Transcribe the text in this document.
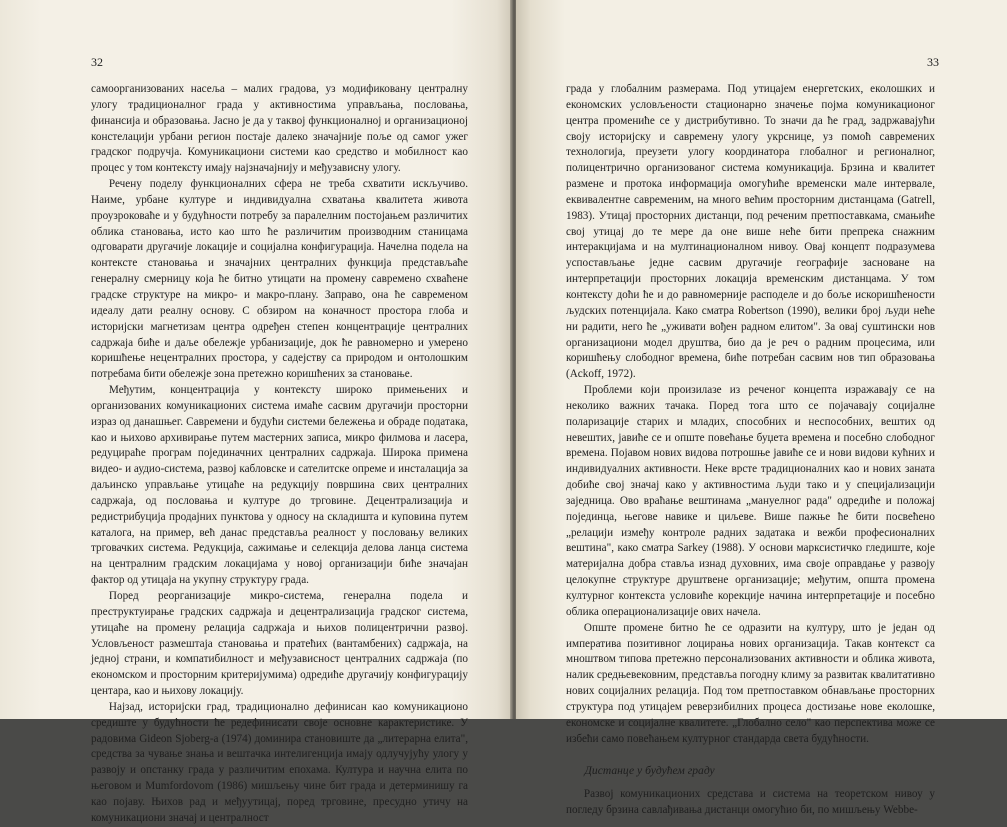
32

самоорганизованих насеља – малих градова, уз модификовану централну улогу традиционалног града у активностима управљања, пословања, финансија и образовања. Јасно је да у таквој функционалној и организационој констелацији урбани регион постаје далеко значајније поље од самог ужег градског подручја. Комуникациони системи као средство и мобилност као процес у том контексту имају најзначајнију и међузависну улогу.

Речену поделу функционалних сфера не треба схватити искључиво. Наиме, урбане културе и индивидуална схватања квалитета живота проузроковаће и у будућности потребу за паралелним постојањем различитих облика становања, исто као што ће различитим производним станицама одговарати другачије локације и социјална конфигурација. Начелна подела на контексте становања и значајних централних функција представљаће генералну смерницу која ће битно утицати на промену савремено схваћене градске структуре на микро- и макро-плану. Заправо, она ће савременом идеалу дати реалну основу. С обзиром на коначност простора глоба и историјски магнетизам центра одређен степен концентрације централних садржаја биће и даље обележје урбанизације, док ће равномерно и умерено коришћење нецентралних простора, у садејству са природом и онтолошким потребама бити обележје зона претежно коришћених за становање.

Међутим, концентрација у контексту широко примењених и организованих комуникационих система имаће сасвим другачији просторни израз од данашњег. Савремени и будући системи бележења и обраде података, као и њихово архивирање путем мастерних записа, микро филмова и ласера, редуцираће програм појединачних централних садржаја. Широка примена видео- и аудио-система, развој кабловске и сателитске опреме и инсталација за даљинско управљање утицаће на редукцију површина свих централних садржаја, од пословања и културе до трговине. Децентрализација и редистрибуција продајних пунктова у односу на складишта и куповина путем каталога, на пример, већ данас представља реалност у пословању великих трговачких система. Редукција, сажимање и селекција делова ланца система на централним градским локацијама у новој организацији биће значајан фактор од утицаја на укупну структуру града.

Поред реорганизације микро-система, генерална подела и преструктуирање градских садржаја и децентрализација градског система, утицаће на промену релација садржаја и њихов полицентрични развој. Условљеност размештаја становања и пратећих (вантамбених) садржаја, на једној страни, и компатибилност и међузависност централних садржаја (по економском и просторним критеријумима) одредиће другачију конфигурацију центара, као и њихову локацију.

Најзад, историјски град, традиционално дефинисан као комуникационо средиште у будућности ће редефинисати своје основне карактеристике. У радовима Gideon Sjoberg-а (1974) доминира становиште да „литерарна елита", средства за чување знања и вештачка интелигенција имају одлучујућу улогу у развоју и опстанку града у различитим епохама. Култура и научна елита по његовом и Mumfordovom (1986) мишљењу чине бит града и детерминишу га као појаву. Њихов рад и међуутицај, поред трговине, пресудно утичу на комуникациони значај и централност

33

града у глобалним размерама. Под утицајем енергетских, еколошких и економских условљености стационарно значење појма комуникационог центра промениће се у дистрибутивно. То значи да ће град, задржавајући своју историјску и савремену улогу укрснице, уз помоћ савремених технологија, преузети улогу координатора глобалног и регионалног, полицентрично организованог система комуникација. Брзина и квалитет размене и протока информација омогућиће временски мале интервале, еквивалентне савременим, на много већим просторним дистанцама (Gatrell, 1983). Утицај просторних дистанци, под реченим претпоставкама, смањиће свој утицај до те мере да оне више неће бити препрека снажним интеракцијама и на мултинационалном нивоу. Овај концепт подразумева успостављање једне сасвим другачије географије засноване на интерпретацији просторних локација временским дистанцама. У том контексту доћи ће и до равномерније расподеле и до боље искоришћености људских потенцијала. Како сматра Robertson (1990), велики број људи неће ни радити, него ће „уживати вођен радном елитом". За овај суштински нов организациони модел друштва, био да је реч о радним процесима, или коришћењу слободног времена, биће потребан сасвим нов тип образовања (Ackoff, 1972).

Проблеми који произилазе из реченог концепта изражавају се на неколико важних тачака. Поред тога што се појачавају социјалне поларизације старих и младих, способних и неспособних, вештих од невештих, јавиће се и опште повећање буџета времена и посебно слободног времена. Појавом нових видова потрошње јавиће се и нови видови кућних и индивидуалних активности. Неке врсте традиционалних као и нових заната добиће свој значај како у активностима људи тако и у специјализацији заједница. Ово враћање вештинама „мануелног рада" одредиће и положај појединца, његове навике и циљеве. Више пажње ће бити посвећено „релацији између контроле радних задатака и вежби професионалних вештина", како сматра Sarkey (1988). У основи марксистичко гледиште, које материјална добра ставља изнад духовних, има своје оправдање у развоју целокупне структуре друштвене организације; међутим, општа промена културног контекста условиће корекције начина интерпретације и посебно облика операционализације ових начела.

Опште промене битно ће се одразити на културу, што је један од императива позитивног лоцирања нових организација. Такав контекст са мноштвом типова претежно персонализованих активности и облика живота, налик средњевековним, представља погодну климу за развитак квалитативно нових социјалних релација. Под том претпоставком обнављање просторних структура под утицајем реверзибилних процеса достизање нове еколошке, економске и социјалне квалитете. „Глобално село" као перспектива може се избећи само повећањем културног стандарда света будућности.

Дистанце у будућем граду

Развој комуникационих средстава и система на теоретском нивоу у погледу брзина савлађивања дистанци омогућио би, по мишљењу Webbe-
